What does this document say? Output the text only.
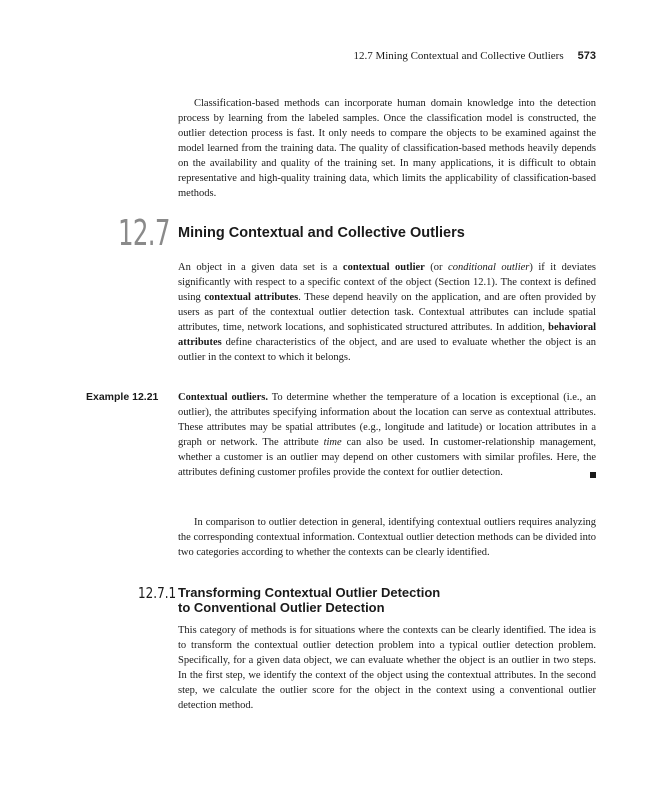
12.7 Mining Contextual and Collective Outliers 573

Classification-based methods can incorporate human domain knowledge into the detection process by learning from the labeled samples. Once the classification model is constructed, the outlier detection process is fast. It only needs to compare the objects to be examined against the model learned from the training data. The quality of classification-based methods heavily depends on the availability and quality of the training set. In many applications, it is difficult to obtain representative and high-quality training data, which limits the applicability of classification-based methods.

12.7 Mining Contextual and Collective Outliers

An object in a given data set is a contextual outlier (or conditional outlier) if it deviates significantly with respect to a specific context of the object (Section 12.1). The context is defined using contextual attributes. These depend heavily on the application, and are often provided by users as part of the contextual outlier detection task. Contextual attributes can include spatial attributes, time, network locations, and sophisticated structured attributes. In addition, behavioral attributes define characteristics of the object, and are used to evaluate whether the object is an outlier in the context to which it belongs.

Example 12.21 Contextual outliers. To determine whether the temperature of a location is exceptional (i.e., an outlier), the attributes specifying information about the location can serve as contextual attributes. These attributes may be spatial attributes (e.g., longitude and latitude) or location attributes in a graph or network. The attribute time can also be used. In customer-relationship management, whether a customer is an outlier may depend on other customers with similar profiles. Here, the attributes defining customer profiles provide the context for outlier detection.

In comparison to outlier detection in general, identifying contextual outliers requires analyzing the corresponding contextual information. Contextual outlier detection methods can be divided into two categories according to whether the contexts can be clearly identified.

12.7.1 Transforming Contextual Outlier Detection
to Conventional Outlier Detection

This category of methods is for situations where the contexts can be clearly identified. The idea is to transform the contextual outlier detection problem into a typical outlier detection problem. Specifically, for a given data object, we can evaluate whether the object is an outlier in two steps. In the first step, we identify the context of the object using the contextual attributes. In the second step, we calculate the outlier score for the object in the context using a conventional outlier detection method.
